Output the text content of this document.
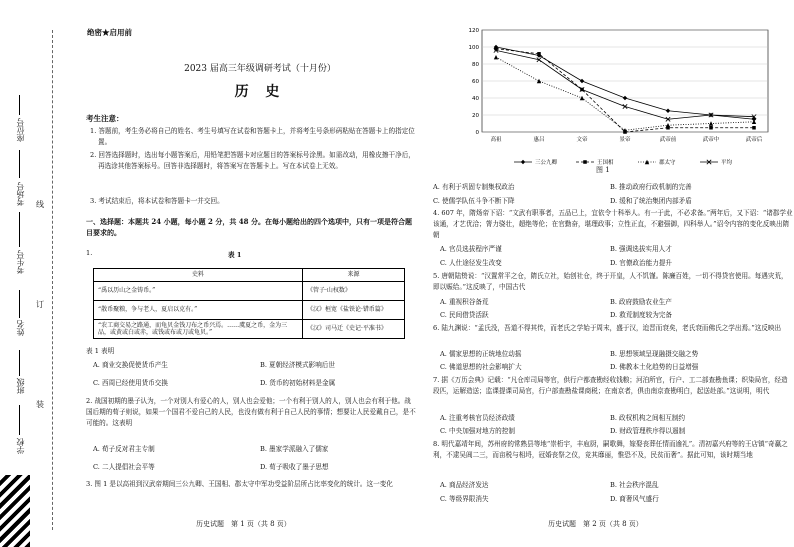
线
订
装
座位号
考场号
考生号
姓名
班级
学校
绝密★启用前
2023 届高三年级调研考试（十月份）
历 史
考生注意：
1. 答题前，考生务必将自己的姓名、考生号填写在试卷和答题卡上，并将考生号条形码粘贴在答题卡上的指定位置。
2. 回答选择题时，选出每小题答案后，用铅笔把答题卡对应题目的答案标号涂黑。如需改动，用橡皮擦干净后，再选涂其他答案标号。回答非选择题时，将答案写在答题卡上。写在本试卷上无效。
3. 考试结束后，将本试卷和答题卡一并交回。
一、选择题：本题共 24 小题，每小题 2 分，共 48 分。在每小题给出的四个选项中，只有一项是符合题目要求的。
1.	表 1
史料	来源
“禹以历山之金铸币。”	《管子·山权数》
“散币聚粮，争与老人，夏启以克有。”	《汉》桓宽《盐铁论·错币篇》
“农工商交易之路通，而龟贝金钱刀布之币兴焉。……虞夏之币，金为三品，或黄或白或赤，或钱或布或刀或龟贝。”	《汉》司马迁《史记·平准书》
表 1 表明
A. 商业交换促使货币产生	B. 夏朝经济模式影响后世
C. 西周已经使用货币交换	D. 货币的初始材料是金属
2. 战国初期的墨子认为，一个对别人有爱心的人，别人也会爱他；一个有利于别人的人，别人也会有利于他。战国后期的荀子则说，如果一个国君不爱自己的人民，也没有做有利于自己人民的事情；想要让人民爱戴自己，是不可能的。这表明
A. 荀子反对君主专制	B. 墨家学派融入了儒家
C. 二人提倡社会平等	D. 荀子吸收了墨子思想
3. 图 1 是以高祖到汉武帝期间三公九卿、王国相、郡太守中军功受益阶层所占比率变化的统计。这一变化
历史试题　第 1 页（共 8 页）
0
20
40
60
80
100
120
高祖	惠吕	文帝	景帝	武帝前	武帝中	武帝后
三公九卿	王国相	郡太守	平均
图 1
A. 有利于巩固专制集权政治	B. 推动政府行政机制的完善
C. 使儒学队伍斗争不断下降	D. 缓和了统治集团内部矛盾
4. 607 年，隋炀帝下诏：“文武有职事者，五品已上，宜依令十科举人。有一于此，不必求备。”两年后，又下诏：“诸郡学业该通，才艺优洽；膂力骁壮，超绝等伦；在官勤奋，堪理政事；立性正直，不避强御，四科举人。”诏令内容的变化反映出隋朝
A. 官员选拔程序严谨	B. 强调选拔实用人才
C. 人仕途径发生改变	D. 官僚政治能力提升
5. 唐朝陆贽说：“汉置常平之仓，隋氏立社，始创社仓，终于开皇，人不饥馑。陈廉百姓，一切不得贷官使用。每遇灾荒，即以赈给。”这反映了，中国古代
A. 重视积谷备荒	B. 政府鼓励农业生产
C. 民间借贷活跃	D. 救荒制度较为完备
6. 陆九渊说：“孟氏没，吾道不得其传，而老氏之学始于周末，盛于汉，迨晋而衰矣，老氏衰而佛氏之学出焉。”这反映出
A. 儒家思想的正统地位动摇	B. 思想领域呈现融摄交融之势
C. 佛道思想的社会影响扩大	D. 佛教本土化趋势的日益增强
7. 据《万历会典》记载：“凡仓库司局等官，供行户都查勘经收钱粮；河泊所官，行户、工二部查勘鱼课；织染局官，经造段匹，运解造送；监课提课司局官，行户部查勘盐课商税；在南京者，俱由南京查勘明白，起送赴部。”这说明，明代
A. 注重考核官员经济政绩	B. 政权机构之间相互制约
C. 中央加强对地方的控制	D. 财政管理秩序得以遏制
8. 明代嘉靖年间，苏州府的常熟县等地“崇桁宇，丰庖厨，嗣歌舞，嫁娶丧葬任情而逾礼”。清初嘉兴府等的王店镇“奇赢之利，不逮吴阊二三，而亩税与相埒，冠婚丧祭之仪，竞其靡丽，惟恐不及，民贫而奢”。据此可知，该时期当地
A. 商品经济发达	B. 社会秩序混乱
C. 等级界限消失	D. 商奢风气盛行
历史试题　第 2 页（共 8 页）
